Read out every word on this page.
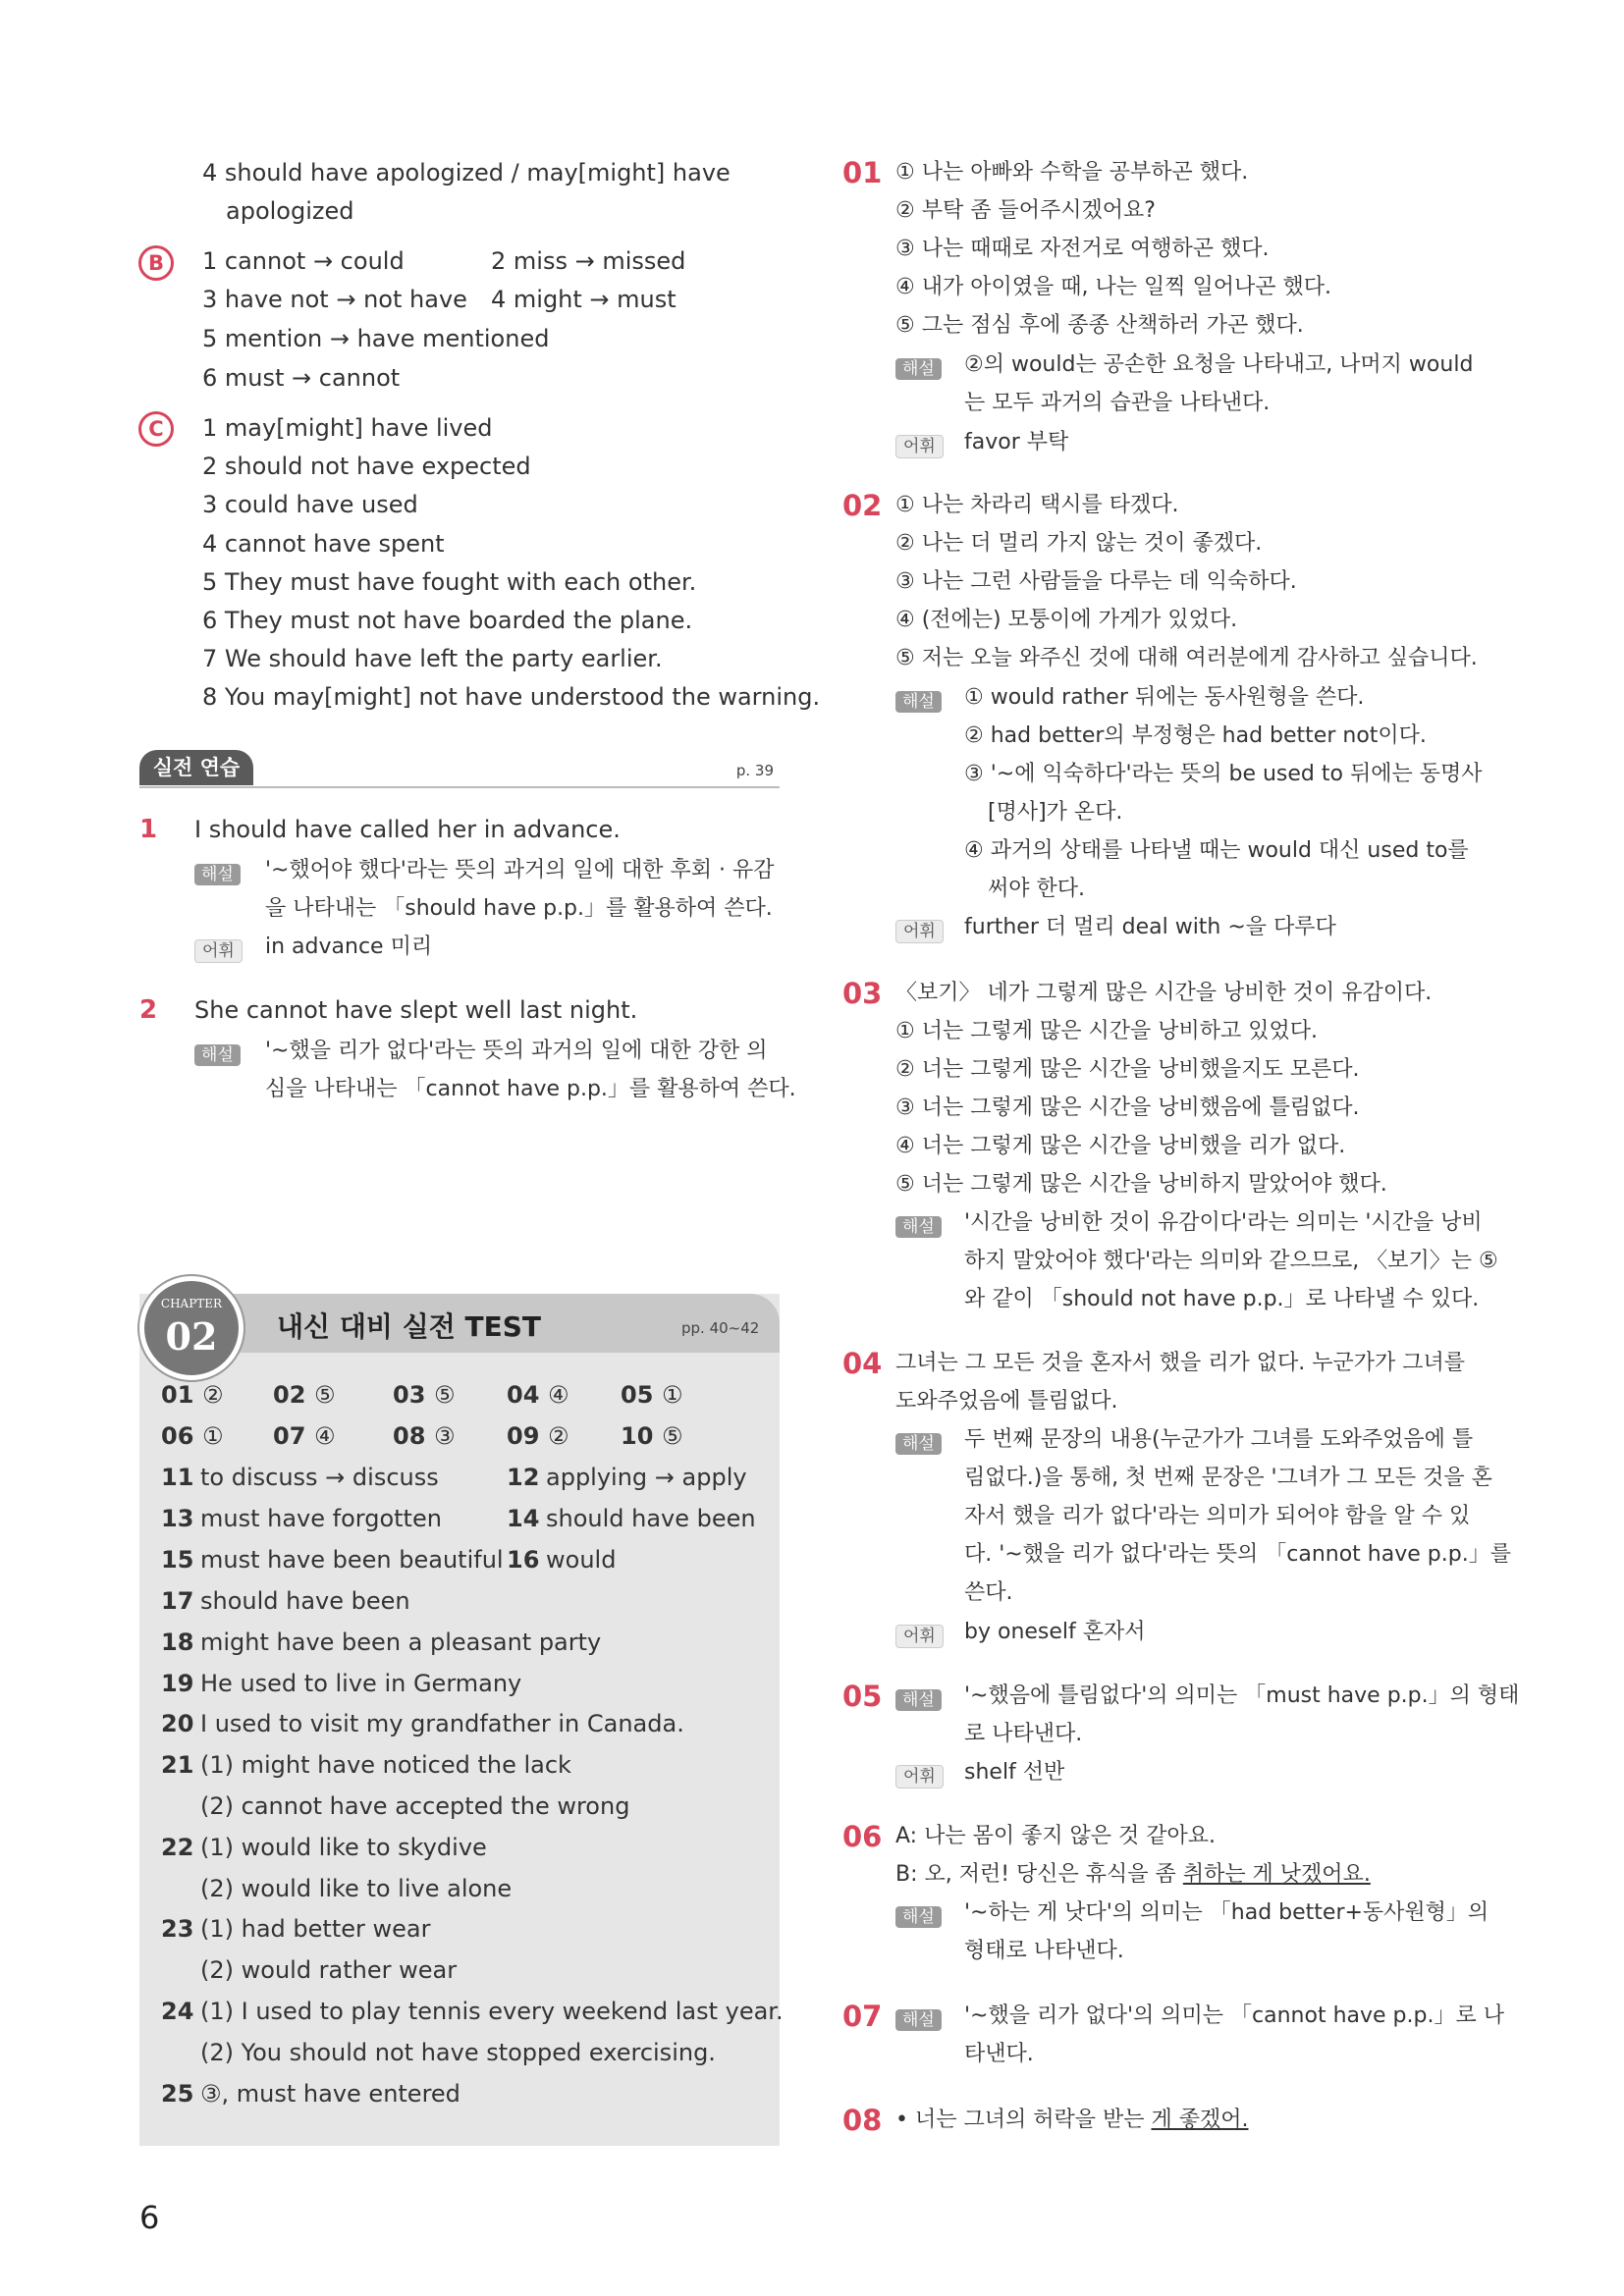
4 should have apologized / may[might] have
apologized
B	1 cannot → could	2 miss → missed
3 have not → not have 4 might → must
5 mention → have mentioned
6 must → cannot
C	1 may[might] have lived
2 should not have expected
3 could have used
4 cannot have spent
5 They must have fought with each other.
6 They must not have boarded the plane.
7 We should have left the party earlier.
8 You may[might] not have understood the warning.
실전 연습	p. 39
1 I should have called her in advance.
해설	'~했어야 했다'라는 뜻의 과거의 일에 대한 후회 · 유감
을 나타내는 「should have p.p.」를 활용하여 쓴다.
어휘	in advance 미리
2 She cannot have slept well last night.
해설	'~했을 리가 없다'라는 뜻의 과거의 일에 대한 강한 의
심을 나타내는 「cannot have p.p.」를 활용하여 쓴다.
CHAPTER
02	내신 대비 실전 TEST	pp. 40~42
01 ② 02 ⑤ 03 ⑤ 04 ④ 05 ①
06 ① 07 ④ 08 ③ 09 ② 10 ⑤
11 to discuss → discuss	12 applying → apply
13 must have forgotten	14 should have been
15 must have been beautiful 16 would
17 should have been
18 might have been a pleasant party
19 He used to live in Germany
20 I used to visit my grandfather in Canada.
21 (1) might have noticed the lack
(2) cannot have accepted the wrong
22 (1) would like to skydive
(2) would like to live alone
23 (1) had better wear
(2) would rather wear
24 (1) I used to play tennis every weekend last year.
(2) You should not have stopped exercising.
25 ③, must have entered
6
01 ① 나는 아빠와 수학을 공부하곤 했다.
② 부탁 좀 들어주시겠어요?
③ 나는 때때로 자전거로 여행하곤 했다.
④ 내가 아이였을 때, 나는 일찍 일어나곤 했다.
⑤ 그는 점심 후에 종종 산책하러 가곤 했다.
해설	②의 would는 공손한 요청을 나타내고, 나머지 would
는 모두 과거의 습관을 나타낸다.
어휘	favor 부탁
02 ① 나는 차라리 택시를 타겠다.
② 나는 더 멀리 가지 않는 것이 좋겠다.
③ 나는 그런 사람들을 다루는 데 익숙하다.
④ (전에는) 모퉁이에 가게가 있었다.
⑤ 저는 오늘 와주신 것에 대해 여러분에게 감사하고 싶습니다.
해설	① would rather 뒤에는 동사원형을 쓴다.
② had better의 부정형은 had better not이다.
③ '~에 익숙하다'라는 뜻의 be used to 뒤에는 동명사
[명사]가 온다.
④ 과거의 상태를 나타낼 때는 would 대신 used to를
써야 한다.
어휘	further 더 멀리 deal with ~을 다루다
03 〈보기〉 네가 그렇게 많은 시간을 낭비한 것이 유감이다.
① 너는 그렇게 많은 시간을 낭비하고 있었다.
② 너는 그렇게 많은 시간을 낭비했을지도 모른다.
③ 너는 그렇게 많은 시간을 낭비했음에 틀림없다.
④ 너는 그렇게 많은 시간을 낭비했을 리가 없다.
⑤ 너는 그렇게 많은 시간을 낭비하지 말았어야 했다.
해설	'시간을 낭비한 것이 유감이다'라는 의미는 '시간을 낭비
하지 말았어야 했다'라는 의미와 같으므로, 〈보기〉는 ⑤
와 같이 「should not have p.p.」로 나타낼 수 있다.
04 그녀는 그 모든 것을 혼자서 했을 리가 없다. 누군가가 그녀를
도와주었음에 틀림없다.
해설	두 번째 문장의 내용(누군가가 그녀를 도와주었음에 틀
림없다.)을 통해, 첫 번째 문장은 '그녀가 그 모든 것을 혼
자서 했을 리가 없다'라는 의미가 되어야 함을 알 수 있
다. '~했을 리가 없다'라는 뜻의 「cannot have p.p.」를
쓴다.
어휘	by oneself 혼자서
05	해설	'~했음에 틀림없다'의 의미는 「must have p.p.」의 형태
로 나타낸다.
어휘	shelf 선반
06 A: 나는 몸이 좋지 않은 것 같아요.
B: 오, 저런! 당신은 휴식을 좀 취하는 게 낫겠어요.
해설	'~하는 게 낫다'의 의미는 「had better+동사원형」의
형태로 나타낸다.
07	해설	'~했을 리가 없다'의 의미는 「cannot have p.p.」로 나
타낸다.
08 • 너는 그녀의 허락을 받는 게 좋겠어.
